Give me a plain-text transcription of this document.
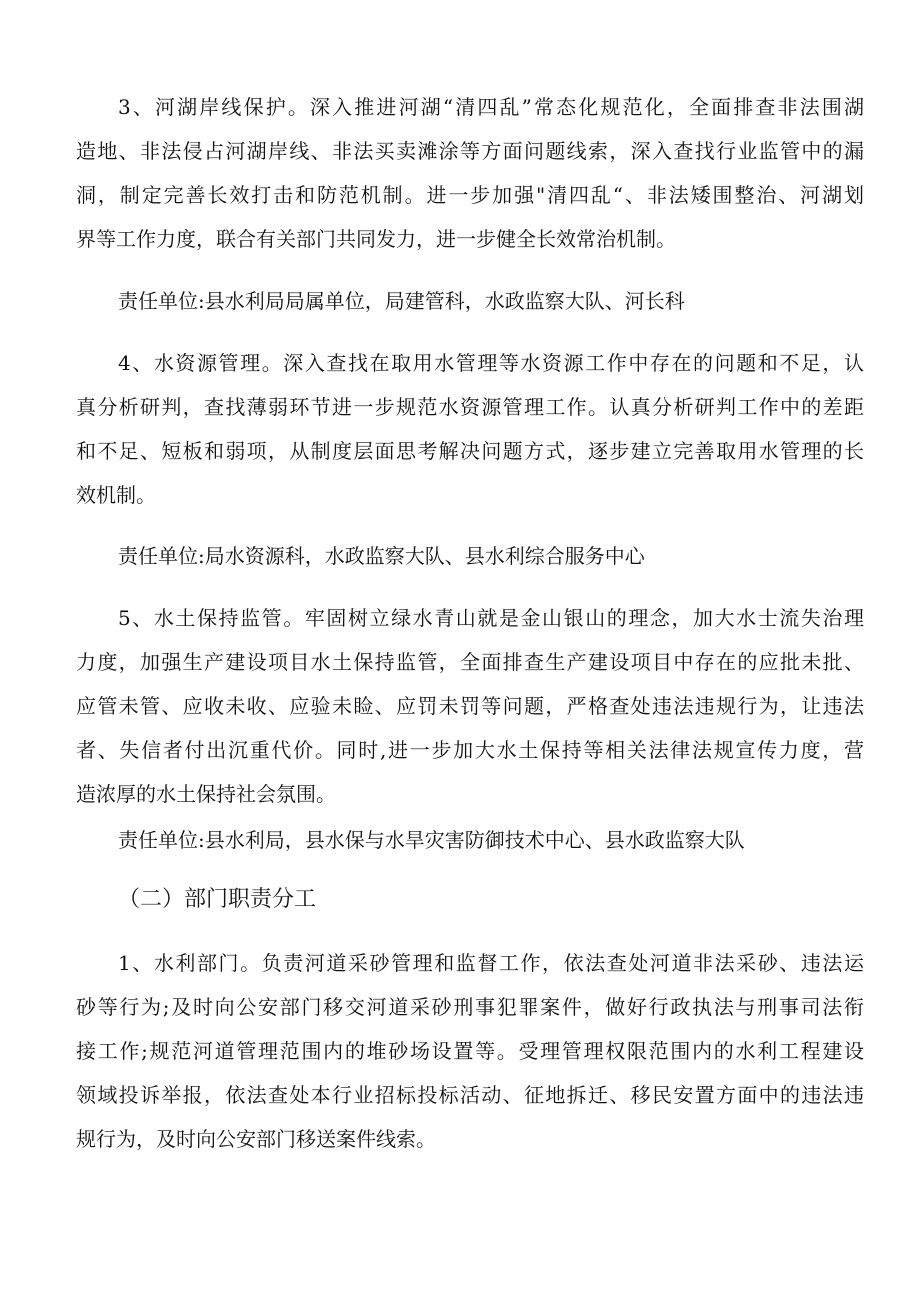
3、河湖岸线保护。深入推进河湖“清四乱”常态化规范化，全面排查非法围湖
造地、非法侵占河湖岸线、非法买卖滩涂等方面问题线索，深入查找行业监管中的漏
洞，制定完善长效打击和防范机制。进一步加强"清四乱“、非法矮围整治、河湖划
界等工作力度，联合有关部门共同发力，进一步健全长效常治机制。
责任单位:县水利局局属单位，局建管科，水政监察大队、河长科
4、水资源管理。深入查找在取用水管理等水资源工作中存在的问题和不足，认
真分析研判，查找薄弱环节进一步规范水资源管理工作。认真分析研判工作中的差距
和不足、短板和弱项，从制度层面思考解决问题方式，逐步建立完善取用水管理的长
效机制。
责任单位:局水资源科，水政监察大队、县水利综合服务中心
5、水土保持监管。牢固树立绿水青山就是金山银山的理念，加大水士流失治理
力度，加强生产建设项目水土保持监管，全面排查生产建设项目中存在的应批未批、
应管未管、应收未收、应验未睑、应罚未罚等问题，严格查处违法违规行为，让违法
者、失信者付出沉重代价。同时,进一步加大水土保持等相关法律法规宣传力度，营
造浓厚的水土保持社会氛围。
责任单位:县水利局，县水保与水旱灾害防御技术中心、县水政监察大队
（二）部门职责分工
1、水利部门。负责河道采砂管理和监督工作，依法查处河道非法采砂、违法运
砂等行为;及时向公安部门移交河道采砂刑事犯罪案件，做好行政执法与刑事司法衔
接工作;规范河道管理范围内的堆砂场设置等。受理管理权限范围内的水利工程建设
领域投诉举报，依法查处本行业招标投标活动、征地拆迁、移民安置方面中的违法违
规行为，及时向公安部门移送案件线索。
